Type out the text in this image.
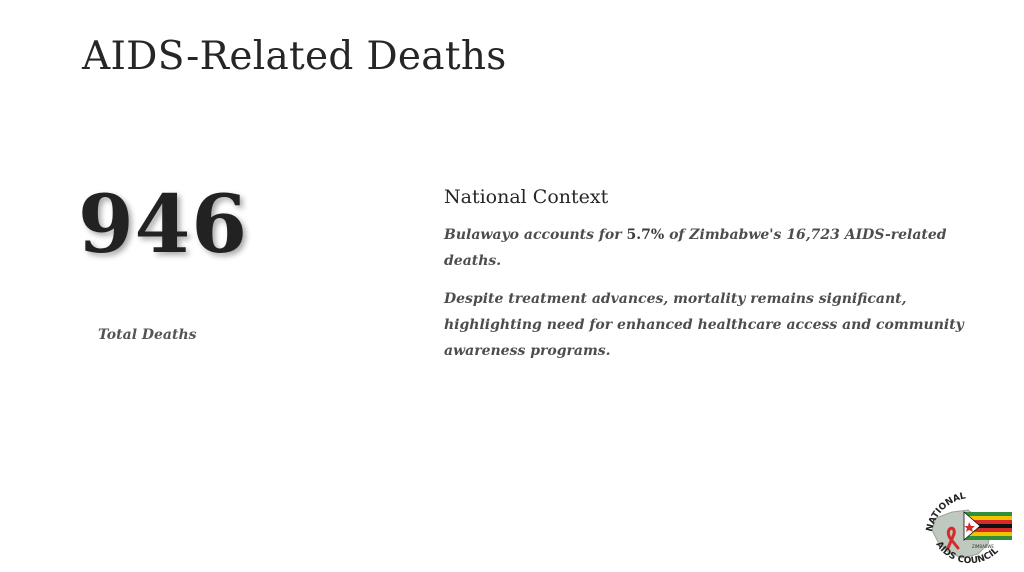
AIDS-Related Deaths
946
Total Deaths
National Context

Bulawayo accounts for 5.7% of Zimbabwe's 16,723 AIDS-related deaths.

Despite treatment advances, mortality remains significant, highlighting need for enhanced healthcare access and community awareness programs.

NATIONAL
AIDS COUNCIL
ZIMBABWE
